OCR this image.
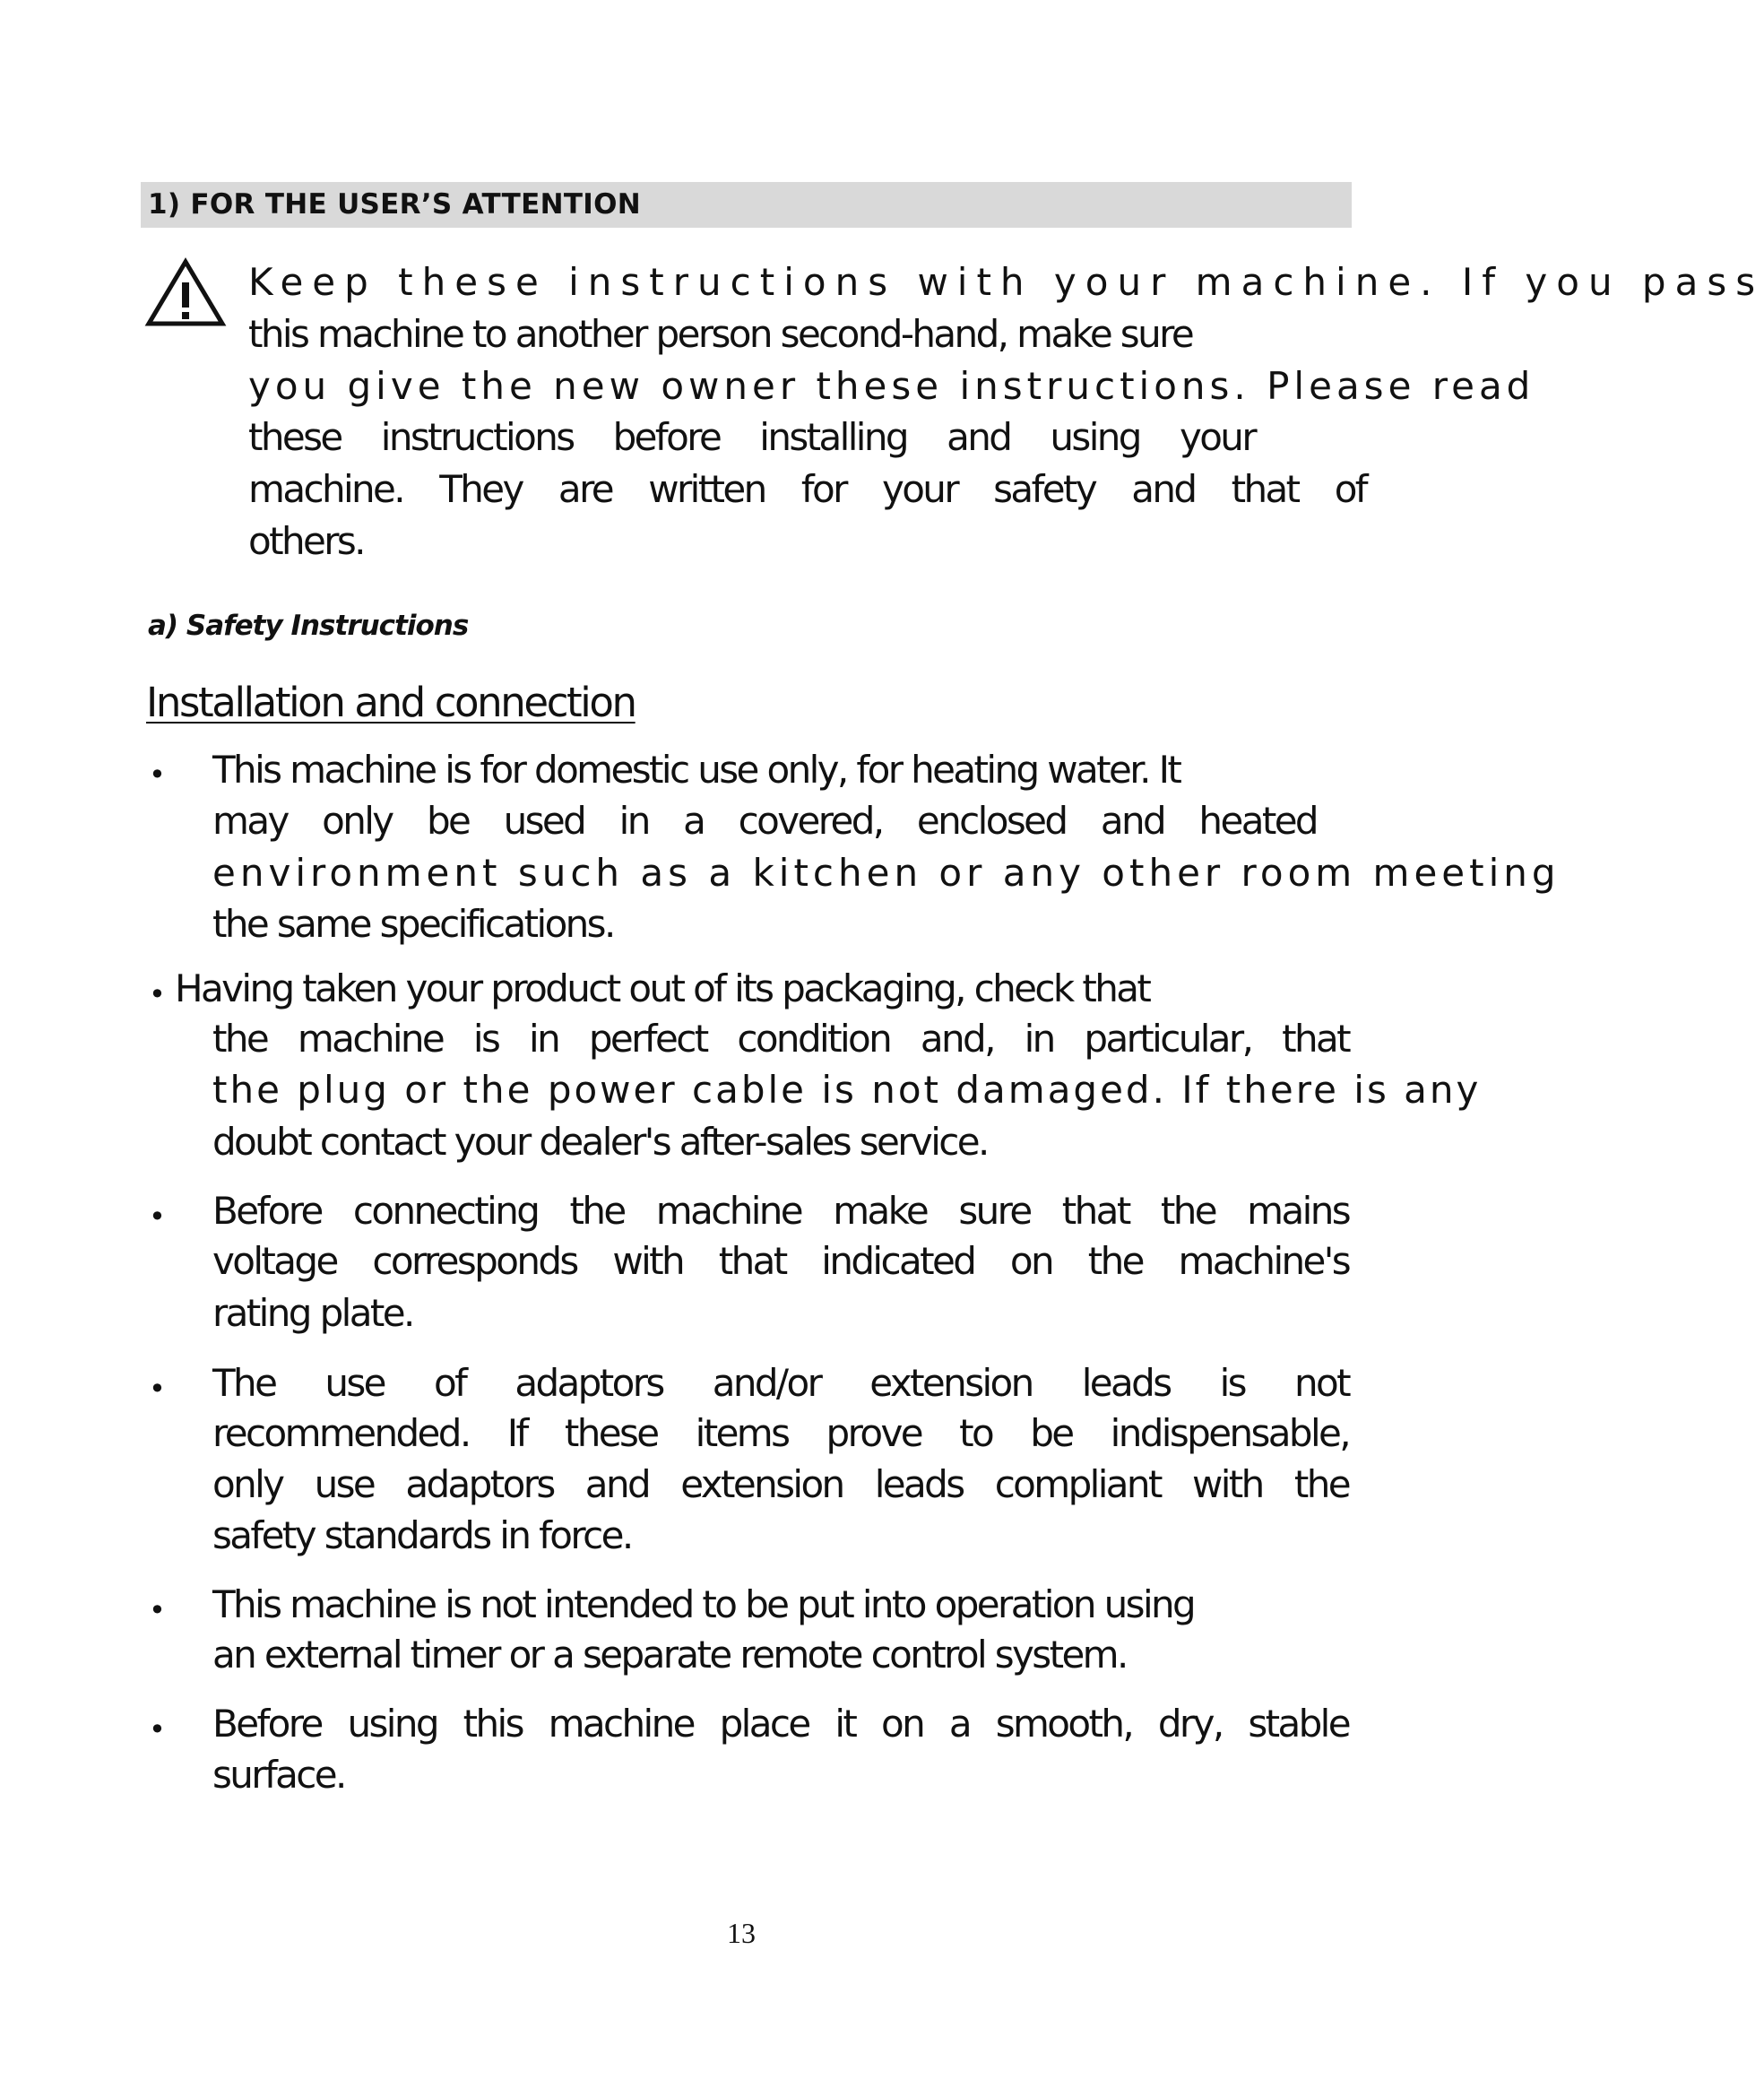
1) FOR THE USER’S ATTENTION

Keep these instructions with your machine. If you pass

this machine to another person second-hand, make sure

you give the new owner these instructions. Please read

these instructions before installing and using your

machine. They are written for your safety and that of

others.

a) Safety Instructions
Installation and connection
• This machine is for domestic use only, for heating water. It

may only be used in a covered, enclosed and heated

environment such as a kitchen or any other room meeting

the same specifications.

• Having taken your product out of its packaging, check that

the machine is in perfect condition and, in particular, that

the plug or the power cable is not damaged. If there is any

doubt contact your dealer's after-sales service.

• Before connecting the machine make sure that the mains

voltage corresponds with that indicated on the machine's

rating plate.

• The use of adaptors and/or extension leads is not

recommended. If these items prove to be indispensable,

only use adaptors and extension leads compliant with the

safety standards in force.

• This machine is not intended to be put into operation using

an external timer or a separate remote control system.

• Before using this machine place it on a smooth, dry, stable

surface.

13
